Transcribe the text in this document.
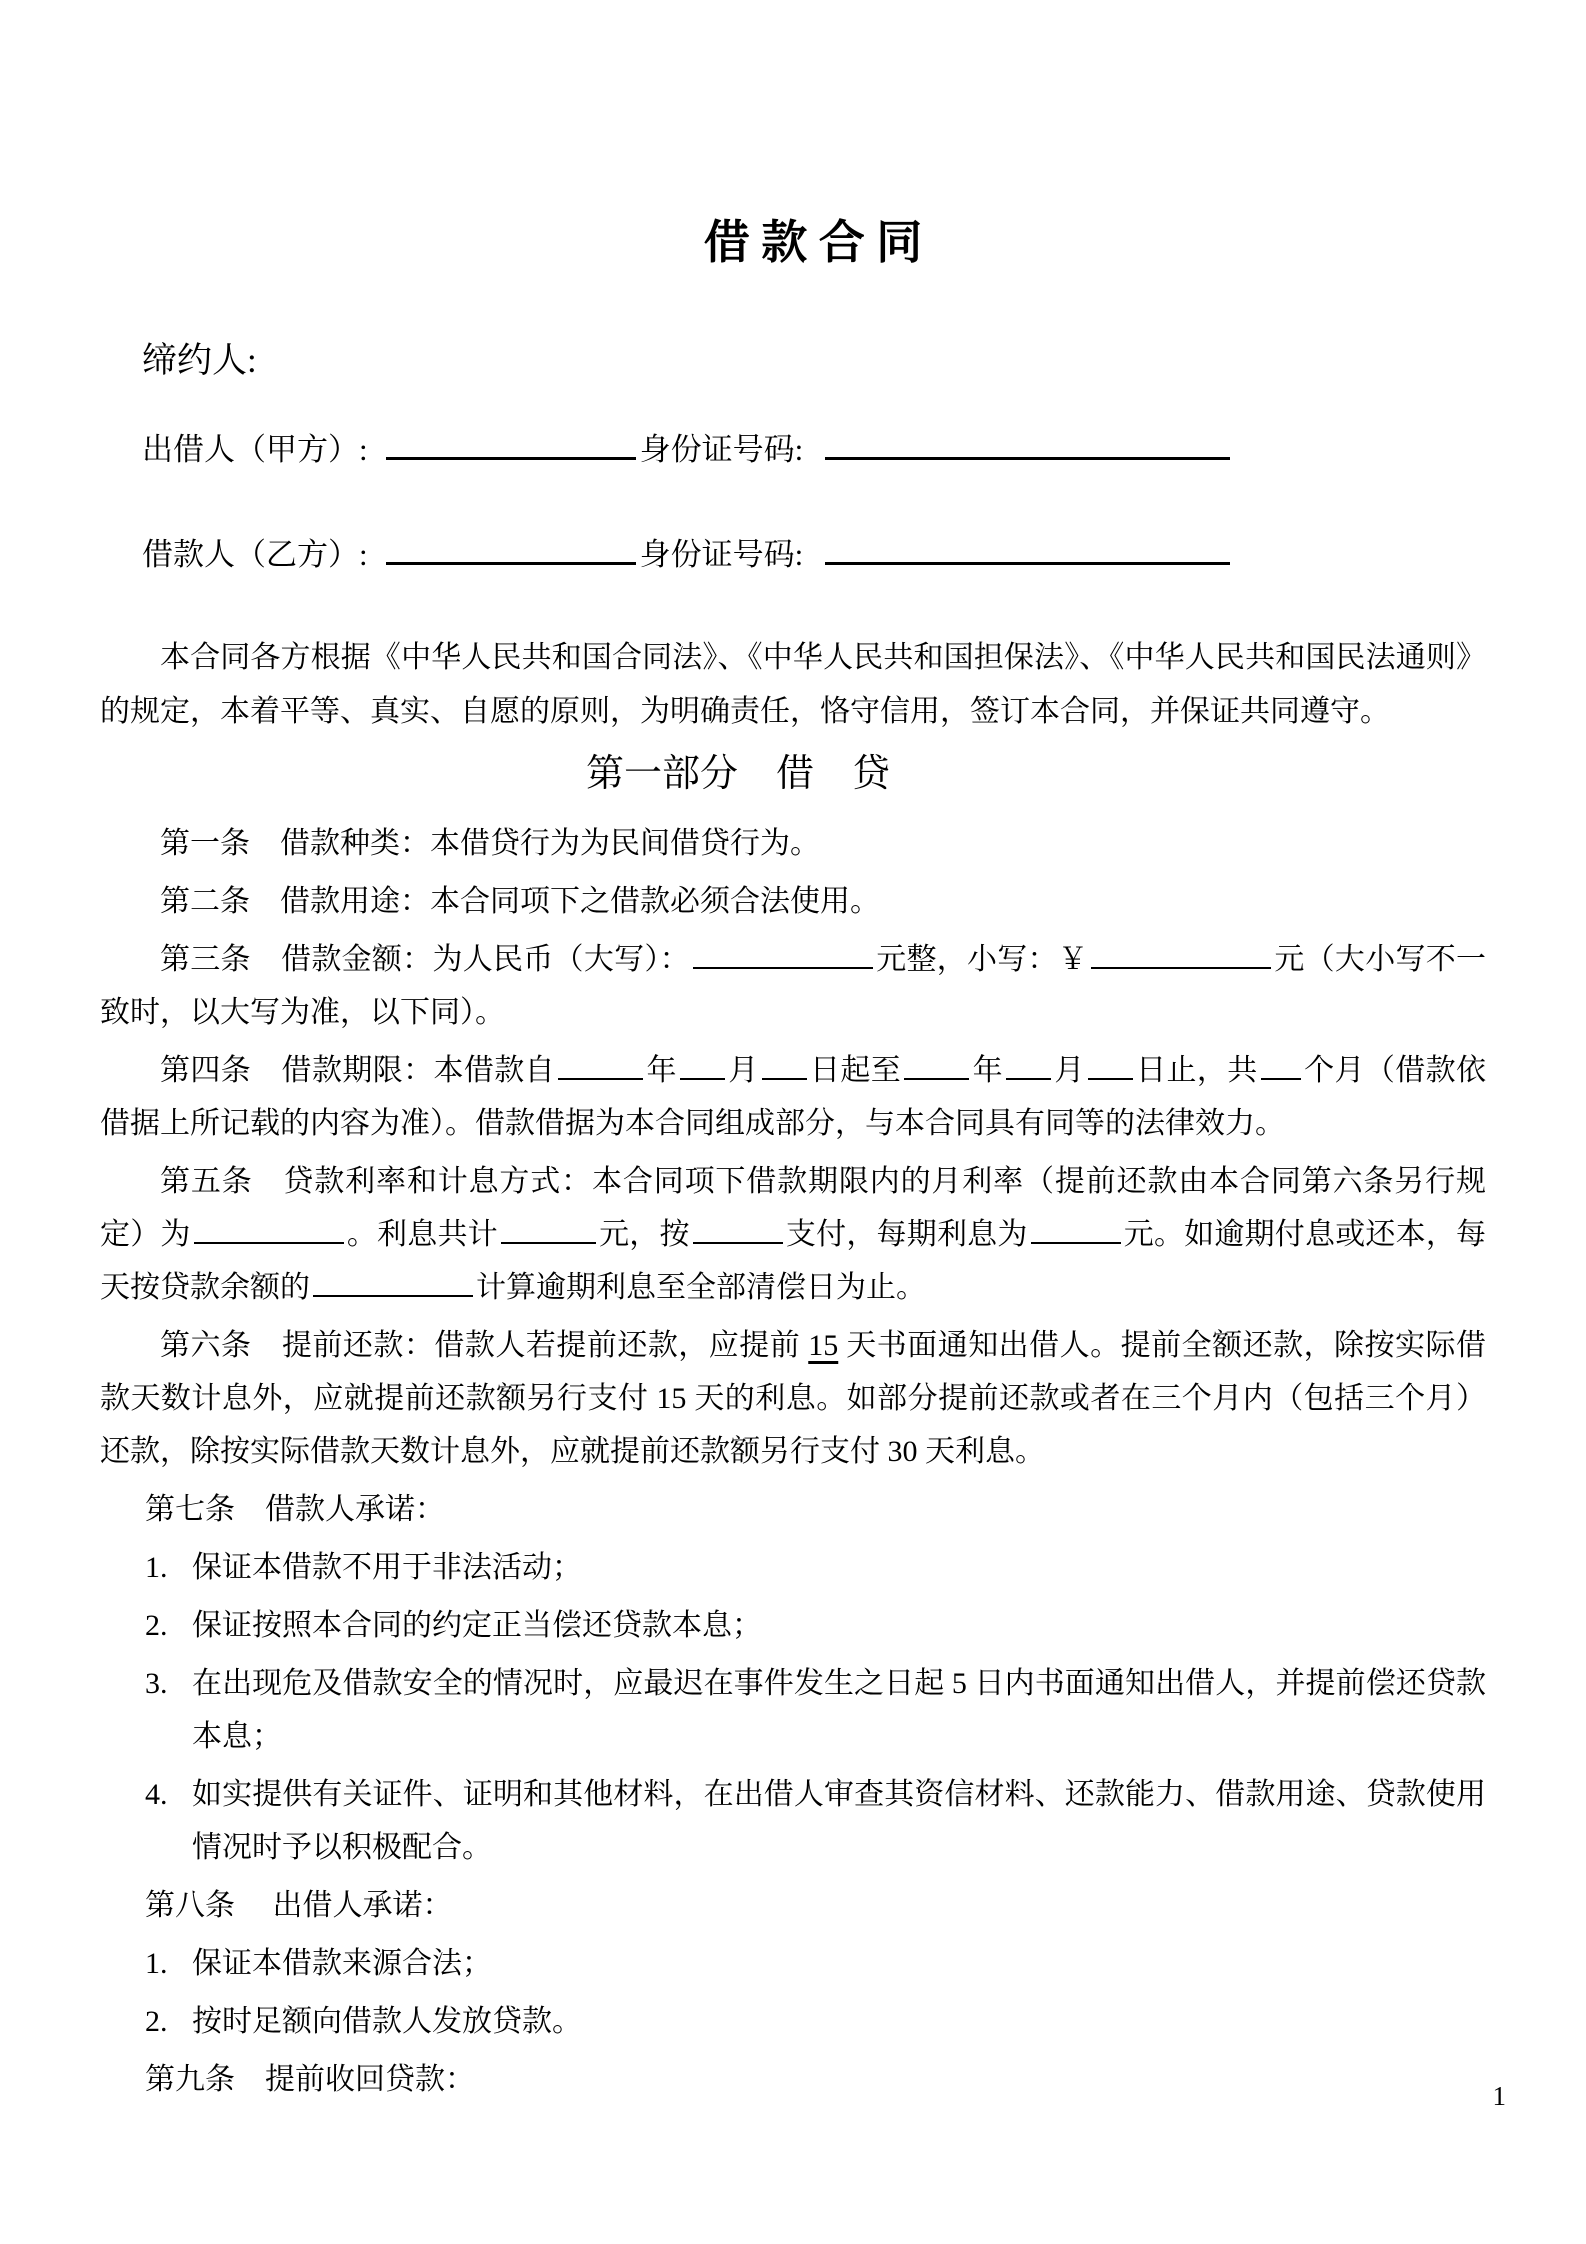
借 款 合 同
缔约人:
出借人（甲方）:	身份证号码:
借款人（乙方）:	身份证号码:

本合同各方根据《中华人民共和国合同法》、《中华人民共和国担保法》、《中华人民共和国民法通则》的规定，本着平等、真实、自愿的原则，为明确责任，恪守信用，签订本合同，并保证共同遵守。

第一部分　借　贷

第一条　借款种类：本借贷行为为民间借贷行为。

第二条　借款用途：本合同项下之借款必须合法使用。

第三条　借款金额：为人民币（大写）：	元整，小写：￥	元（大小写不一致时，以大写为准，以下同）。

第四条　借款期限：本借款自	年 月 日起至 年 月 日止，共 个月（借款依借据上所记载的内容为准）。借款借据为本合同组成部分，与本合同具有同等的法律效力。

第五条　贷款利率和计息方式：本合同项下借款期限内的月利率（提前还款由本合同第六条另行规定）为	。利息共计	元，按	支付，每期利息为	元。如逾期付息或还本，每天按贷款余额的	计算逾期利息至全部清偿日为止。

第六条　提前还款：借款人若提前还款，应提前 15 天书面通知出借人。提前全额还款，除按实际借款天数计息外，应就提前还款额另行支付 15 天的利息。如部分提前还款或者在三个月内（包括三个月）还款，除按实际借款天数计息外，应就提前还款额另行支付 30 天利息。

第七条　借款人承诺：

1. 保证本借款不用于非法活动；
2. 保证按照本合同的约定正当偿还贷款本息；
3. 在出现危及借款安全的情况时，应最迟在事件发生之日起 5 日内书面通知出借人，并提前偿还贷款本息；
4. 如实提供有关证件、证明和其他材料，在出借人审查其资信材料、还款能力、借款用途、贷款使用情况时予以积极配合。

第八条　 出借人承诺：

1. 保证本借款来源合法；
2. 按时足额向借款人发放贷款。

第九条　提前收回贷款：	1
